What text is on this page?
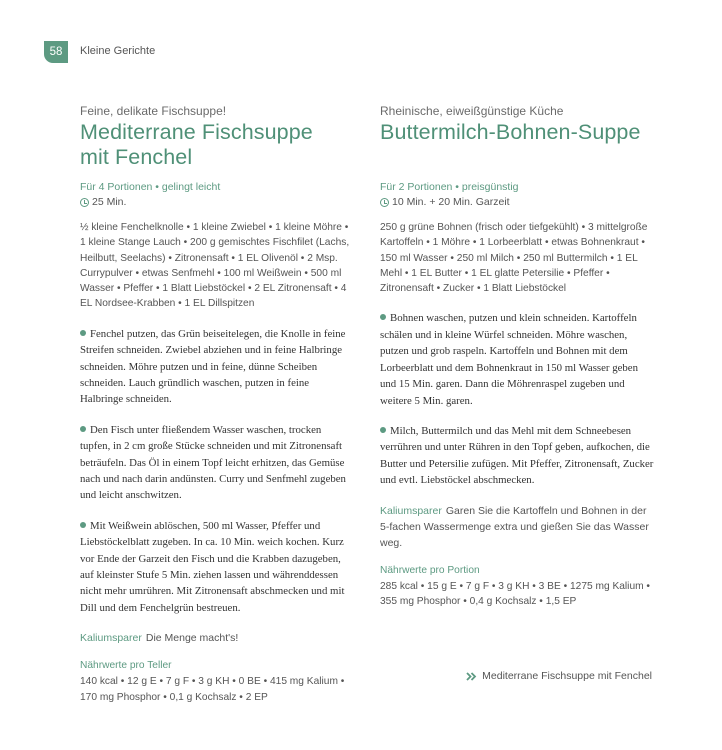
58	Kleine Gerichte
Feine, delikate Fischsuppe!
Mediterrane Fischsuppe
mit Fenchel
Für 4 Portionen • gelingt leicht
25 Min.
½ kleine Fenchelknolle • 1 kleine Zwiebel • 1 kleine Möhre • 1 kleine Stange Lauch • 200 g gemischtes Fischfilet (Lachs, Heilbutt, Seelachs) • Zitronensaft • 1 EL Olivenöl • 2 Msp. Currypulver • etwas Senfmehl • 100 ml Weißwein • 500 ml Wasser • Pfeffer • 1 Blatt Liebstöckel • 2 EL Zitronensaft • 4 EL Nordsee-Krabben • 1 EL Dillspitzen
Fenchel putzen, das Grün beiseitelegen, die Knolle in feine Streifen schneiden. Zwiebel abziehen und in feine Halbringe schneiden. Möhre putzen und in feine, dünne Scheiben schneiden. Lauch gründlich waschen, putzen in feine Halbringe schneiden.
Den Fisch unter fließendem Wasser waschen, trocken tupfen, in 2 cm große Stücke schneiden und mit Zitronensaft beträufeln. Das Öl in einem Topf leicht erhitzen, das Gemüse nach und nach darin andünsten. Curry und Senfmehl zugeben und leicht anschwitzen.
Mit Weißwein ablöschen, 500 ml Wasser, Pfeffer und Liebstöckelblatt zugeben. In ca. 10 Min. weich kochen. Kurz vor Ende der Garzeit den Fisch und die Krabben dazugeben, auf kleinster Stufe 5 Min. ziehen lassen und währenddessen nicht mehr umrühren. Mit Zitronensaft abschmecken und mit Dill und dem Fenchelgrün bestreuen.
Kaliumsparer Die Menge macht's!
Nährwerte pro Teller
140 kcal • 12 g E • 7 g F • 3 g KH • 0 BE • 415 mg Kalium • 170 mg Phosphor • 0,1 g Kochsalz • 2 EP
Rheinische, eiweißgünstige Küche
Buttermilch-Bohnen-Suppe
Für 2 Portionen • preisgünstig
10 Min. + 20 Min. Garzeit
250 g grüne Bohnen (frisch oder tiefgekühlt) • 3 mittelgroße Kartoffeln • 1 Möhre • 1 Lorbeerblatt • etwas Bohnenkraut • 150 ml Wasser • 250 ml Milch • 250 ml Buttermilch • 1 EL Mehl • 1 EL Butter • 1 EL glatte Petersilie • Pfeffer • Zitronensaft • Zucker • 1 Blatt Liebstöckel
Bohnen waschen, putzen und klein schneiden. Kartoffeln schälen und in kleine Würfel schneiden. Möhre waschen, putzen und grob raspeln. Kartoffeln und Bohnen mit dem Lorbeerblatt und dem Bohnenkraut in 150 ml Wasser geben und 15 Min. garen. Dann die Möhrenraspel zugeben und weitere 5 Min. garen.
Milch, Buttermilch und das Mehl mit dem Schneebesen verrühren und unter Rühren in den Topf geben, aufkochen, die Butter und Petersilie zufügen. Mit Pfeffer, Zitronensaft, Zucker und evtl. Liebstöckel abschmecken.
Kaliumsparer Garen Sie die Kartoffeln und Bohnen in der 5-fachen Wassermenge extra und gießen Sie das Wasser weg.
Nährwerte pro Portion
285 kcal • 15 g E • 7 g F • 3 g KH • 3 BE • 1275 mg Kalium • 355 mg Phosphor • 0,4 g Kochsalz • 1,5 EP
Mediterrane Fischsuppe mit Fenchel
